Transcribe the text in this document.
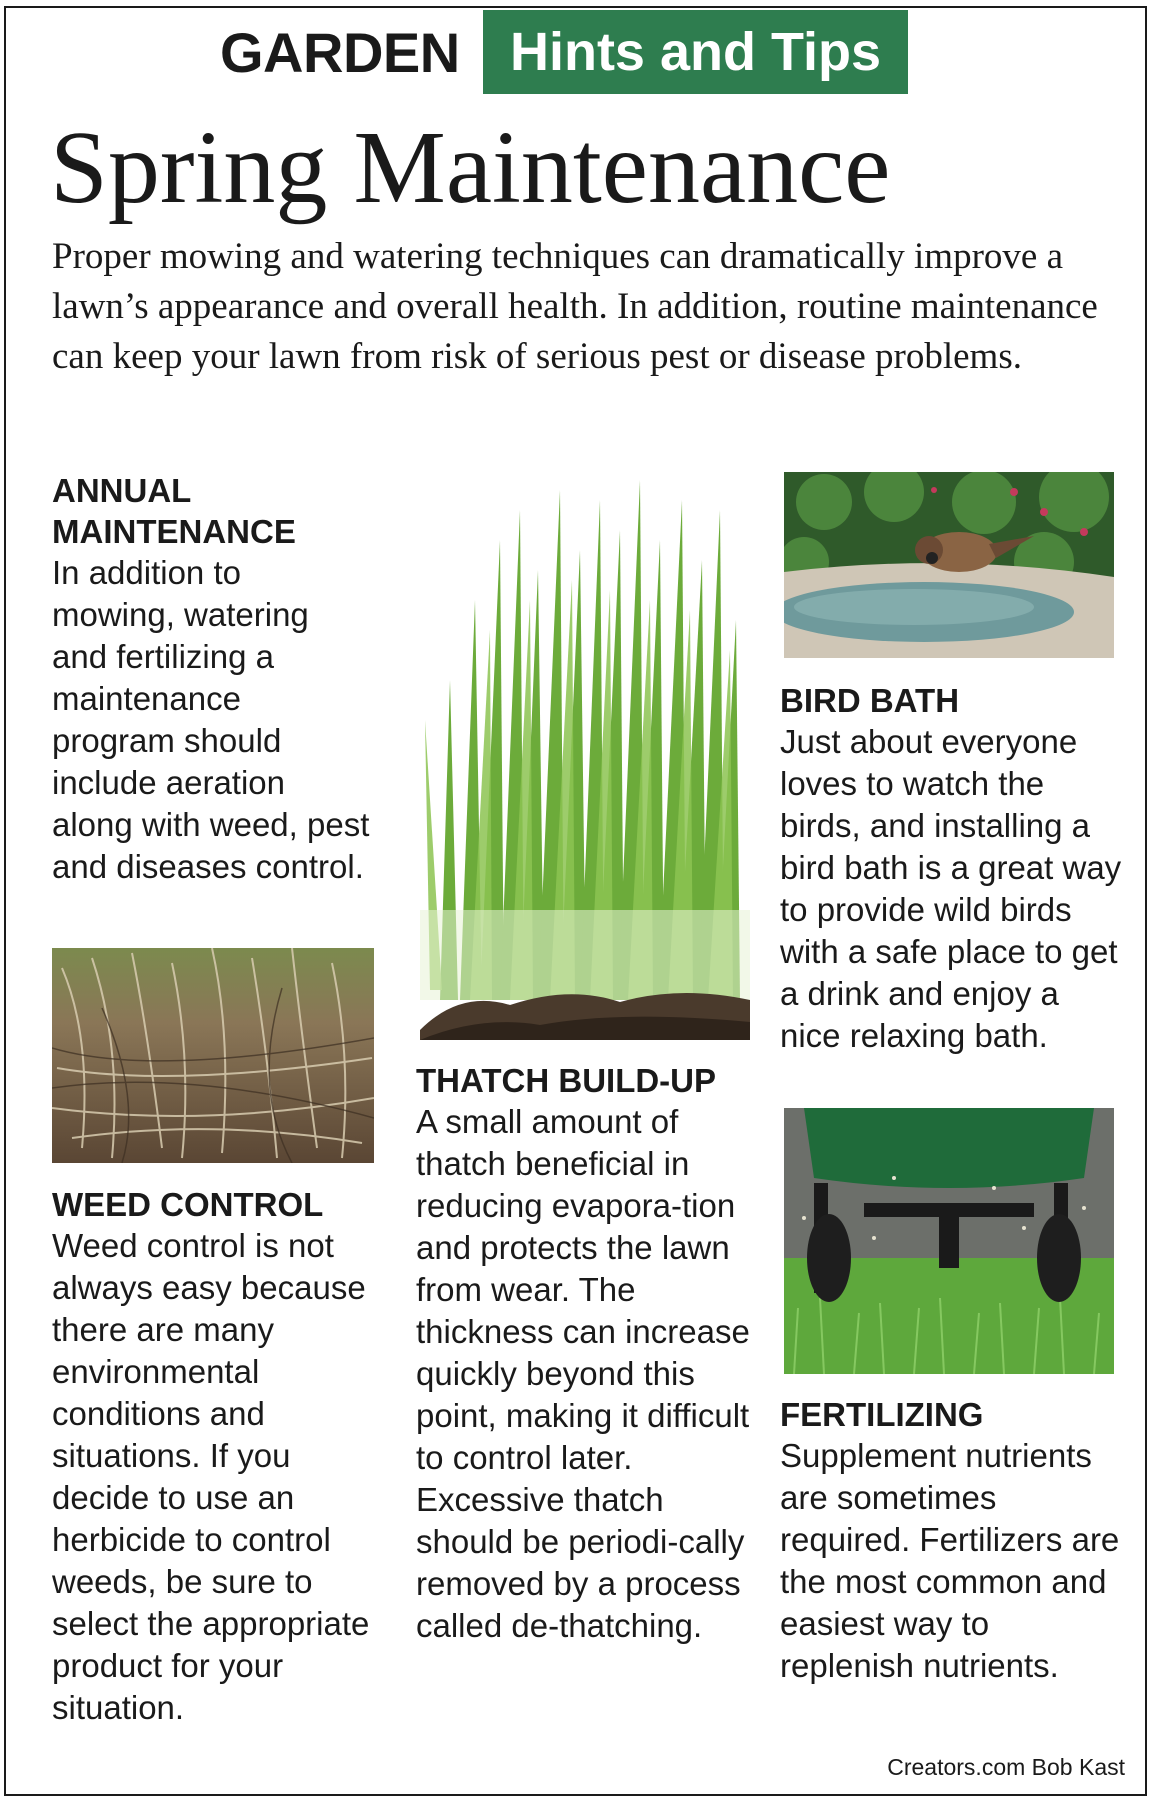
GARDEN Hints and Tips
Spring Maintenance
Proper mowing and watering techniques can dramatically improve a lawn’s appearance and overall health. In addition, routine maintenance can keep your lawn from risk of serious pest or disease problems.

ANNUAL MAINTENANCE

In addition to mowing, watering and fertilizing a maintenance program should include aeration along with weed, pest and diseases control.

WEED CONTROL

Weed control is not always easy because there are many environmental conditions and situations. If you decide to use an herbicide to control weeds, be sure to select the appropriate product for your situation.

THATCH BUILD-UP

A small amount of thatch beneficial in reducing evapora-tion and protects the lawn from wear. The thickness can increase quickly beyond this point, making it difficult to control later. Excessive thatch should be periodi-cally removed by a process called de-thatching.

BIRD BATH

Just about everyone loves to watch the birds, and installing a bird bath is a great way to provide wild birds with a safe place to get a drink and enjoy a nice relaxing bath.

FERTILIZING

Supplement nutrients are sometimes required. Fertilizers are the most common and easiest way to replenish nutrients.

Creators.com Bob Kast
